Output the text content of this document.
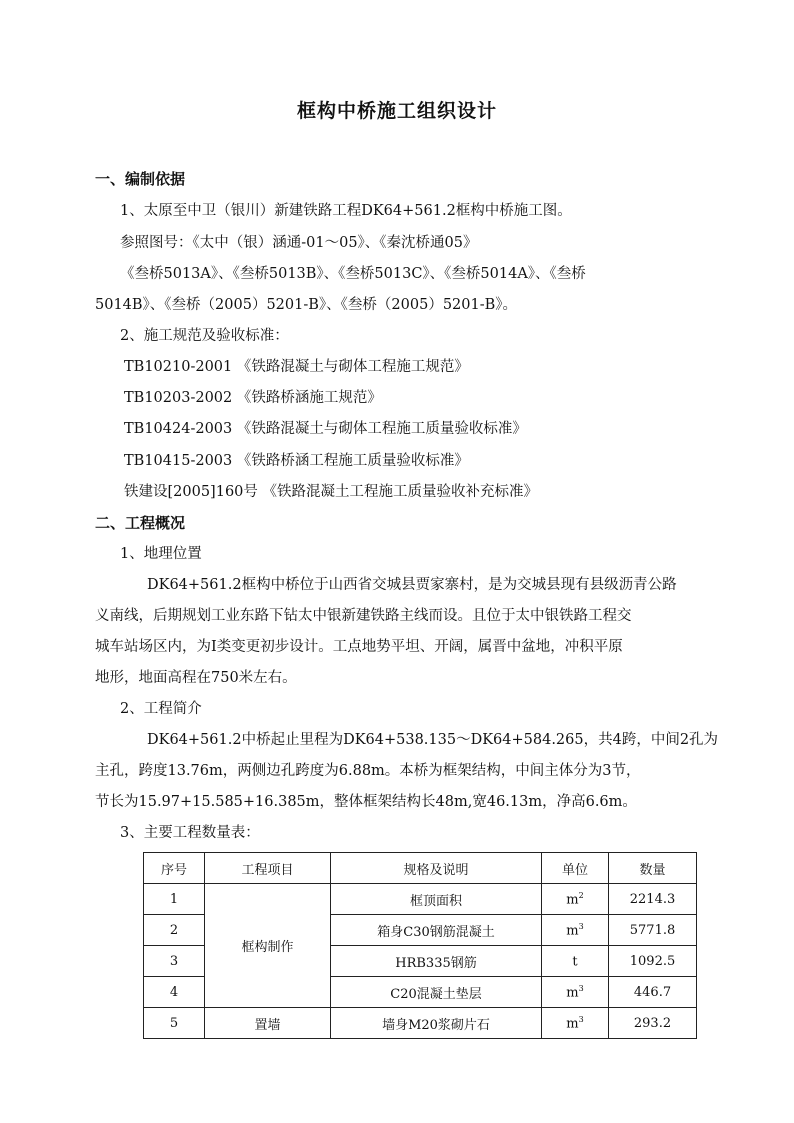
框构中桥施工组织设计
一、编制依据
1、太原至中卫（银川）新建铁路工程DK64+561.2框构中桥施工图。
参照图号：《太中（银）涵通-01～05》、《秦沈桥通05》
《叁桥5013A》、《叁桥5013B》、《叁桥5013C》、《叁桥5014A》、《叁桥
5014B》、《叁桥（2005）5201-B》、《叁桥（2005）5201-B》。
2、施工规范及验收标准：
TB10210-2001 《铁路混凝土与砌体工程施工规范》
TB10203-2002 《铁路桥涵施工规范》
TB10424-2003 《铁路混凝土与砌体工程施工质量验收标准》
TB10415-2003 《铁路桥涵工程施工质量验收标准》
铁建设[2005]160号 《铁路混凝土工程施工质量验收补充标准》
二、工程概况
1、地理位置
DK64+561.2框构中桥位于山西省交城县贾家寨村，是为交城县现有县级沥青公路
义南线，后期规划工业东路下钻太中银新建铁路主线而设。且位于太中银铁路工程交
城车站场区内，为Ⅰ类变更初步设计。工点地势平坦、开阔，属晋中盆地，冲积平原
地形，地面高程在750米左右。
2、工程简介
DK64+561.2中桥起止里程为DK64+538.135～DK64+584.265，共4跨，中间2孔为
主孔，跨度13.76m，两侧边孔跨度为6.88m。本桥为框架结构，中间主体分为3节，
节长为15.97+15.585+16.385m，整体框架结构长48m,宽46.13m，净高6.6m。
3、主要工程数量表：
序号	工程项目	规格及说明	单位	数量
1	框构制作	框顶面积	$m^2$	2214.3
2		箱身C30钢筋混凝土	$m^3$	5771.8
3		HRB335钢筋	t	1092.5
4		C20混凝土垫层	$m^3$	446.7
5	置墙	墙身M20浆砌片石	$m^3$	293.2
